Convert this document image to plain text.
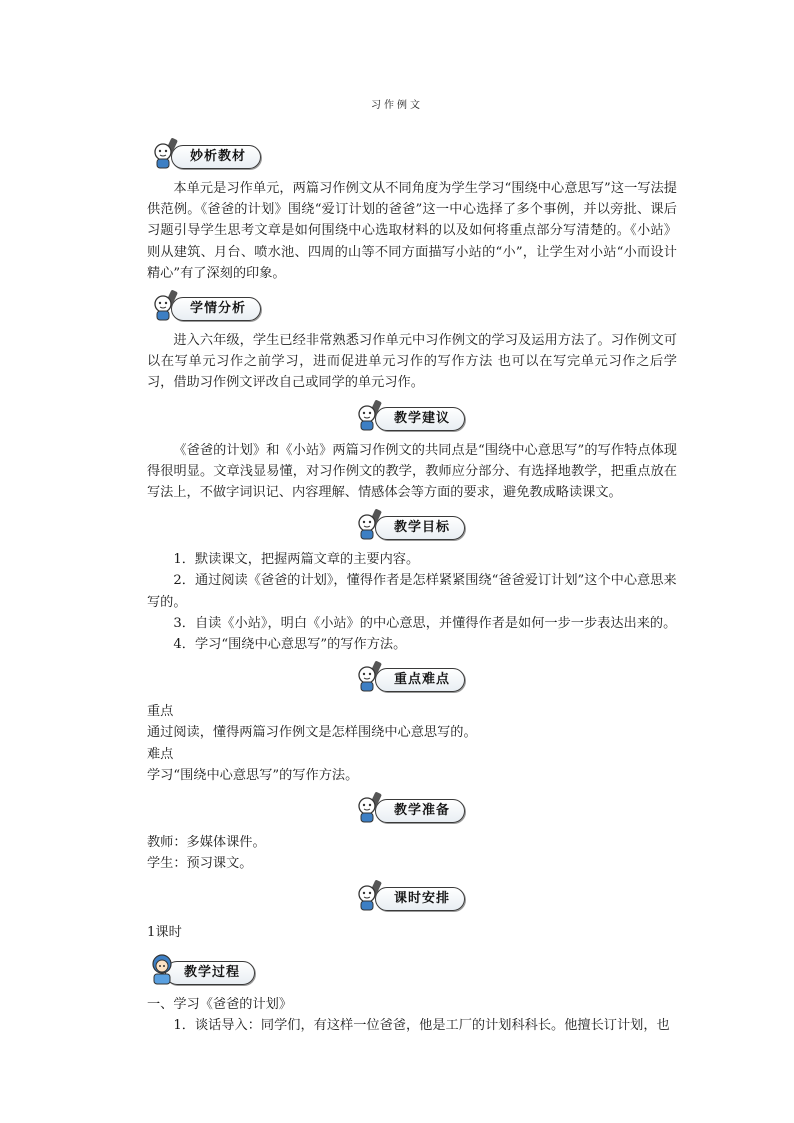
习作例文
妙析教材

本单元是习作单元，两篇习作例文从不同角度为学生学习“围绕中心意思写”这一写法提供范例。《爸爸的计划》围绕“爱订计划的爸爸”这一中心选择了多个事例，并以旁批、课后习题引导学生思考文章是如何围绕中心选取材料的以及如何将重点部分写清楚的。《小站》则从建筑、月台、喷水池、四周的山等不同方面描写小站的“小”，让学生对小站“小而设计精心”有了深刻的印象。

学情分析

进入六年级，学生已经非常熟悉习作单元中习作例文的学习及运用方法了。习作例文可以在写单元习作之前学习，进而促进单元习作的写作方法 也可以在写完单元习作之后学习，借助习作例文评改自己或同学的单元习作。

教学建议

《爸爸的计划》和《小站》两篇习作例文的共同点是“围绕中心意思写”的写作特点体现得很明显。文章浅显易懂，对习作例文的教学，教师应分部分、有选择地教学，把重点放在写法上，不做字词识记、内容理解、情感体会等方面的要求，避免教成略读课文。

教学目标

1．默读课文，把握两篇文章的主要内容。

2．通过阅读《爸爸的计划》，懂得作者是怎样紧紧围绕“爸爸爱订计划”这个中心意思来写的。

3．自读《小站》，明白《小站》的中心意思，并懂得作者是如何一步一步表达出来的。

4．学习“围绕中心意思写”的写作方法。

重点难点

重点

通过阅读，懂得两篇习作例文是怎样围绕中心意思写的。

难点

学习“围绕中心意思写”的写作方法。

教学准备

教师：多媒体课件。

学生：预习课文。

课时安排

1课时

教学过程

一、学习《爸爸的计划》

1．谈话导入：同学们，有这样一位爸爸，他是工厂的计划科科长。他擅长订计划，也
